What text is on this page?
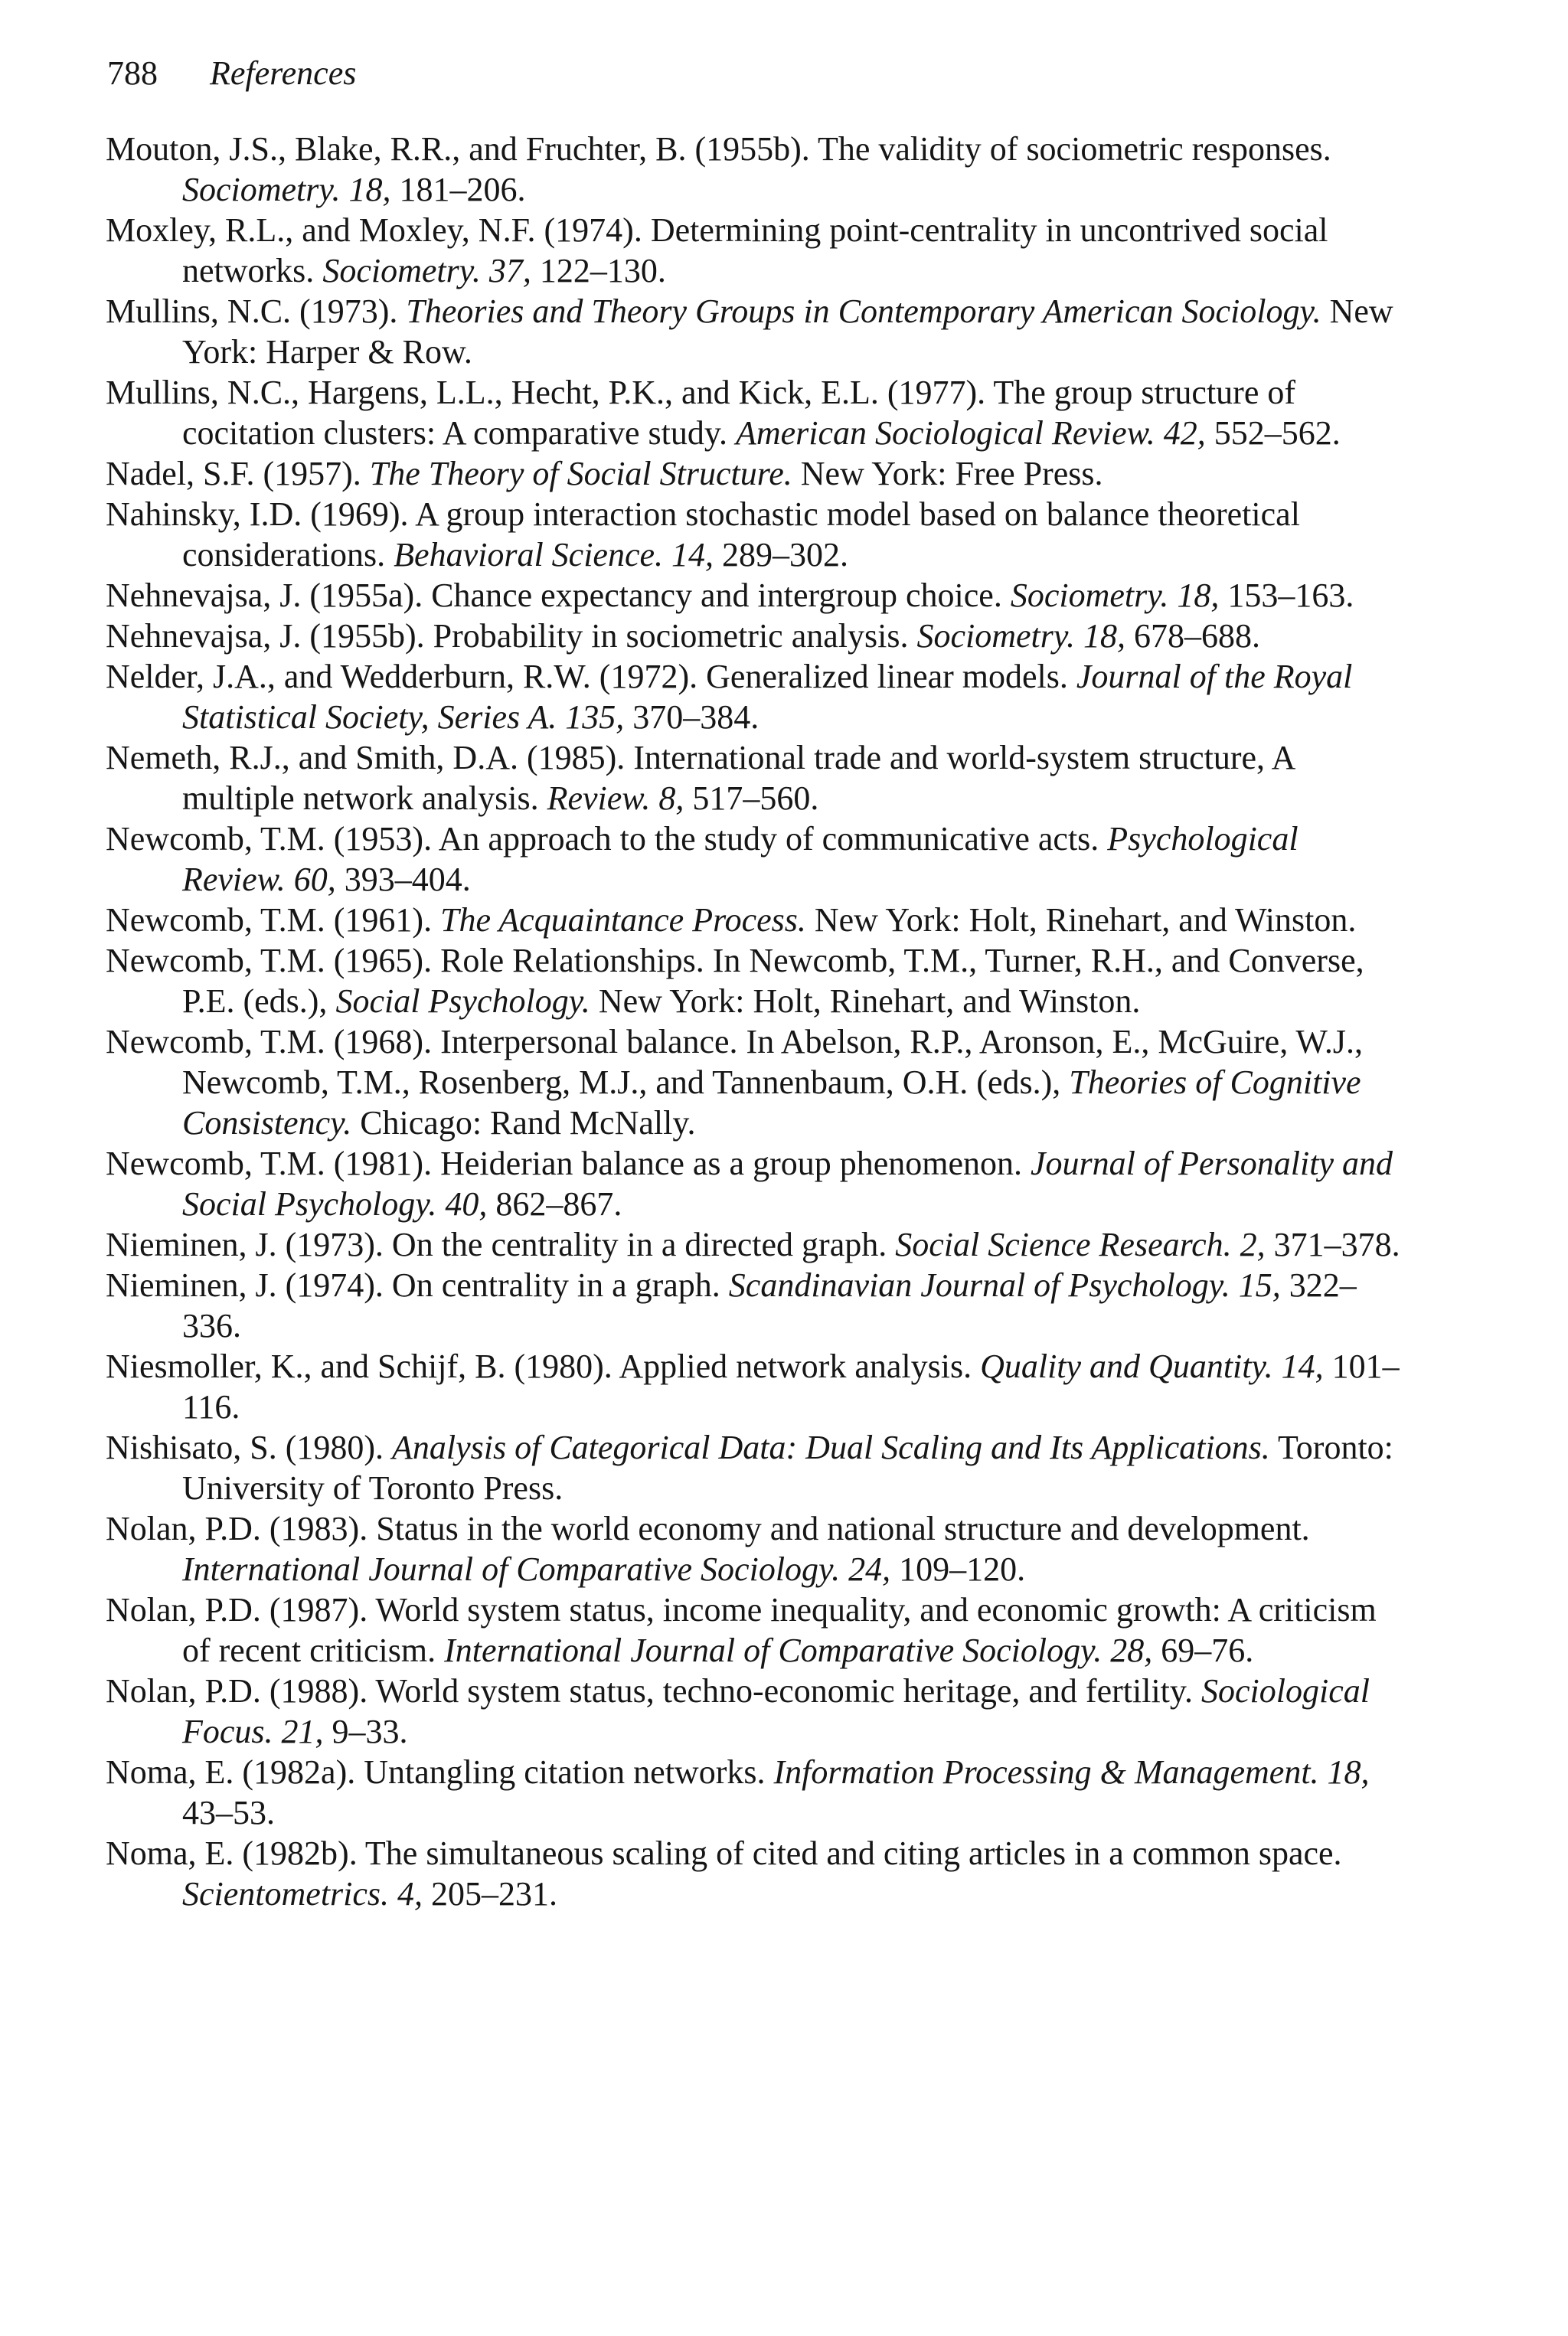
788 References
Mouton, J.S., Blake, R.R., and Fruchter, B. (1955b). The validity of sociometric responses. Sociometry. 18, 181–206.
Moxley, R.L., and Moxley, N.F. (1974). Determining point-centrality in uncontrived social networks. Sociometry. 37, 122–130.
Mullins, N.C. (1973). Theories and Theory Groups in Contemporary American Sociology. New York: Harper & Row.
Mullins, N.C., Hargens, L.L., Hecht, P.K., and Kick, E.L. (1977). The group structure of cocitation clusters: A comparative study. American Sociological Review. 42, 552–562.
Nadel, S.F. (1957). The Theory of Social Structure. New York: Free Press.
Nahinsky, I.D. (1969). A group interaction stochastic model based on balance theoretical considerations. Behavioral Science. 14, 289–302.
Nehnevajsa, J. (1955a). Chance expectancy and intergroup choice. Sociometry. 18, 153–163.
Nehnevajsa, J. (1955b). Probability in sociometric analysis. Sociometry. 18, 678–688.
Nelder, J.A., and Wedderburn, R.W. (1972). Generalized linear models. Journal of the Royal Statistical Society, Series A. 135, 370–384.
Nemeth, R.J., and Smith, D.A. (1985). International trade and world-system structure, A multiple network analysis. Review. 8, 517–560.
Newcomb, T.M. (1953). An approach to the study of communicative acts. Psychological Review. 60, 393–404.
Newcomb, T.M. (1961). The Acquaintance Process. New York: Holt, Rinehart, and Winston.
Newcomb, T.M. (1965). Role Relationships. In Newcomb, T.M., Turner, R.H., and Converse, P.E. (eds.), Social Psychology. New York: Holt, Rinehart, and Winston.
Newcomb, T.M. (1968). Interpersonal balance. In Abelson, R.P., Aronson, E., McGuire, W.J., Newcomb, T.M., Rosenberg, M.J., and Tannenbaum, O.H. (eds.), Theories of Cognitive Consistency. Chicago: Rand McNally.
Newcomb, T.M. (1981). Heiderian balance as a group phenomenon. Journal of Personality and Social Psychology. 40, 862–867.
Nieminen, J. (1973). On the centrality in a directed graph. Social Science Research. 2, 371–378.
Nieminen, J. (1974). On centrality in a graph. Scandinavian Journal of Psychology. 15, 322–336.
Niesmoller, K., and Schijf, B. (1980). Applied network analysis. Quality and Quantity. 14, 101–116.
Nishisato, S. (1980). Analysis of Categorical Data: Dual Scaling and Its Applications. Toronto: University of Toronto Press.
Nolan, P.D. (1983). Status in the world economy and national structure and development. International Journal of Comparative Sociology. 24, 109–120.
Nolan, P.D. (1987). World system status, income inequality, and economic growth: A criticism of recent criticism. International Journal of Comparative Sociology. 28, 69–76.
Nolan, P.D. (1988). World system status, techno-economic heritage, and fertility. Sociological Focus. 21, 9–33.
Noma, E. (1982a). Untangling citation networks. Information Processing & Management. 18, 43–53.
Noma, E. (1982b). The simultaneous scaling of cited and citing articles in a common space. Scientometrics. 4, 205–231.
